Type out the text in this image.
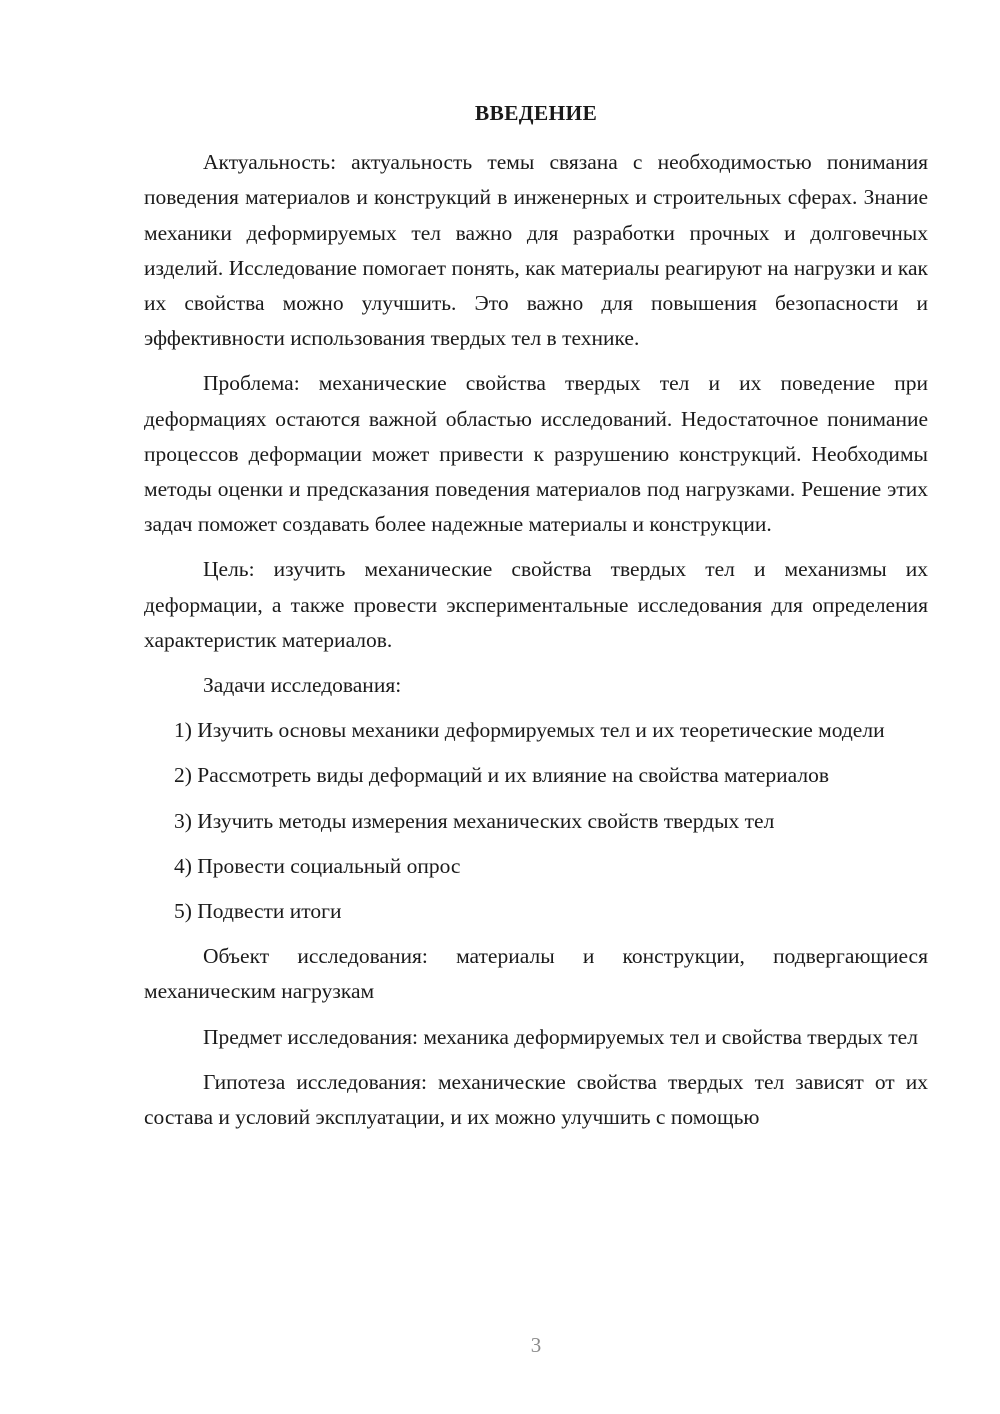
ВВЕДЕНИЕ

Актуальность: актуальность темы связана с необходимостью понимания поведения материалов и конструкций в инженерных и строительных сферах. Знание механики деформируемых тел важно для разработки прочных и долговечных изделий. Исследование помогает понять, как материалы реагируют на нагрузки и как их свойства можно улучшить. Это важно для повышения безопасности и эффективности использования твердых тел в технике.

Проблема: механические свойства твердых тел и их поведение при деформациях остаются важной областью исследований. Недостаточное понимание процессов деформации может привести к разрушению конструкций. Необходимы методы оценки и предсказания поведения материалов под нагрузками. Решение этих задач поможет создавать более надежные материалы и конструкции.

Цель: изучить механические свойства твердых тел и механизмы их деформации, а также провести экспериментальные исследования для определения характеристик материалов.

Задачи исследования:

1) Изучить основы механики деформируемых тел и их теоретические модели

2) Рассмотреть виды деформаций и их влияние на свойства материалов

3) Изучить методы измерения механических свойств твердых тел

4) Провести социальный опрос

5) Подвести итоги

Объект исследования: материалы и конструкции, подвергающиеся механическим нагрузкам

Предмет исследования: механика деформируемых тел и свойства твердых тел

Гипотеза исследования: механические свойства твердых тел зависят от их состава и условий эксплуатации, и их можно улучшить с помощью

3
